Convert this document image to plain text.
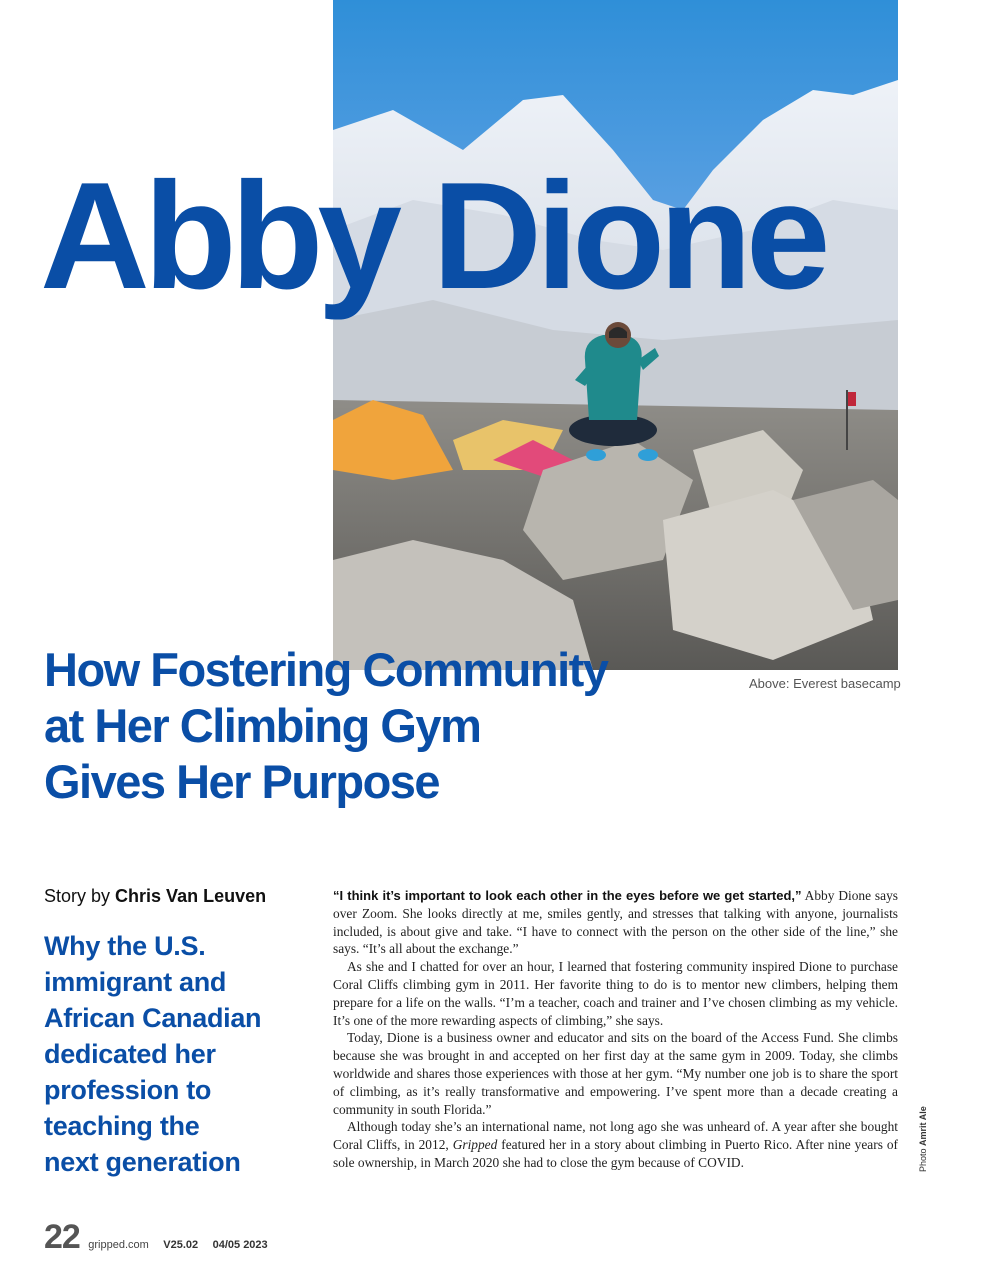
Abby Dione
How Fostering Community
at Her Climbing Gym
Gives Her Purpose
Above: Everest basecamp
Story by Chris Van Leuven

Why the U.S.
immigrant and
African Canadian
dedicated her
profession to
teaching the
next generation

“I think it’s important to look each other in the eyes before we get started,” Abby Dione says over Zoom. She looks directly at me, smiles gently, and stresses that talking with anyone, journalists included, is about give and take. “I have to connect with the person on the other side of the line,” she says. “It’s all about the exchange.”

As she and I chatted for over an hour, I learned that fostering community inspired Dione to purchase Coral Cliffs climbing gym in 2011. Her favorite thing to do is to mentor new climbers, helping them prepare for a life on the walls. “I’m a teacher, coach and trainer and I’ve chosen climbing as my vehicle. It’s one of the more rewarding aspects of climbing,” she says.

Today, Dione is a business owner and educator and sits on the board of the Access Fund. She climbs because she was brought in and accepted on her first day at the same gym in 2009. Today, she climbs worldwide and shares those experiences with those at her gym. “My number one job is to share the sport of climbing, as it’s really transformative and empowering. I’ve spent more than a decade creating a community in south Florida.”

Although today she’s an international name, not long ago she was unheard of. A year after she bought Coral Cliffs, in 2012, Gripped featured her in a story about climbing in Puerto Rico. After nine years of sole ownership, in March 2020 she had to close the gym because of COVID.	Photo Amrit Ale
22 gripped.com V25.02 04/05 2023
